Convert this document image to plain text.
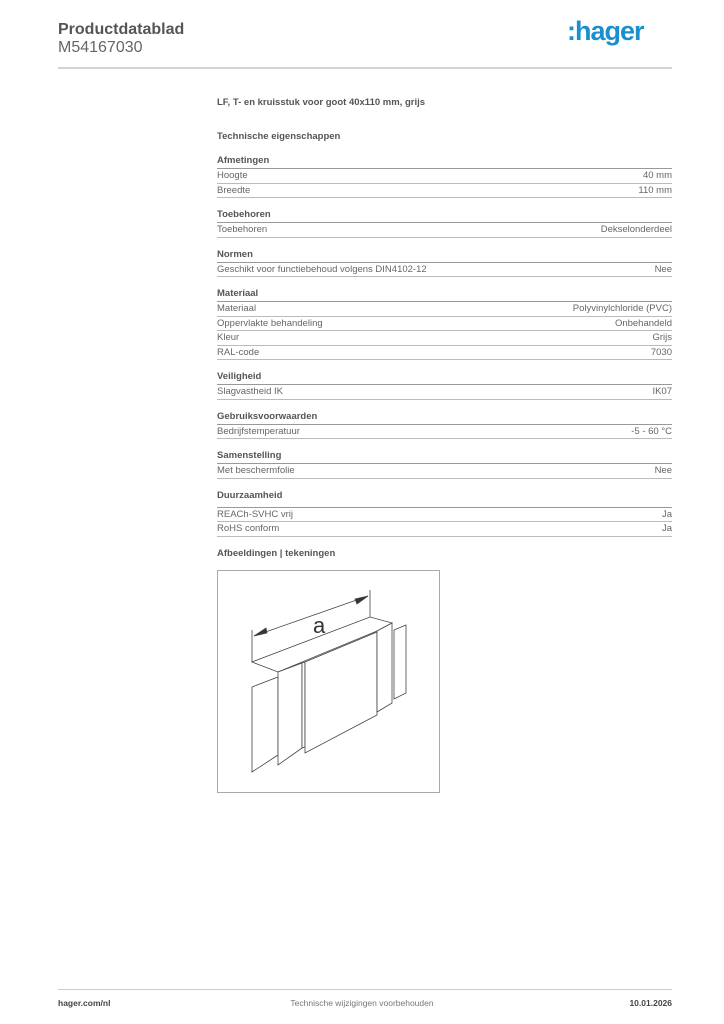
Productdatablad
M54167030
:hager
LF, T- en kruisstuk voor goot 40x110 mm, grijs
Technische eigenschappen
Afmetingen
Hoogte	40 mm
Breedte	110 mm
Toebehoren
Toebehoren	Dekselonderdeel
Normen
Geschikt voor functiebehoud volgens DIN4102-12	Nee
Materiaal
Materiaal	Polyvinylchloride (PVC)
Oppervlakte behandeling	Onbehandeld
Kleur	Grijs
RAL-code	7030
Veiligheid
Slagvastheid IK	IK07
Gebruiksvoorwaarden
Bedrijfstemperatuur	-5 - 60 °C
Samenstelling
Met beschermfolie	Nee
Duurzaamheid
REACh-SVHC vrij	Ja
RoHS conform	Ja
Afbeeldingen | tekeningen
a
hager.com/nl	Technische wijzigingen voorbehouden	10.01.2026
